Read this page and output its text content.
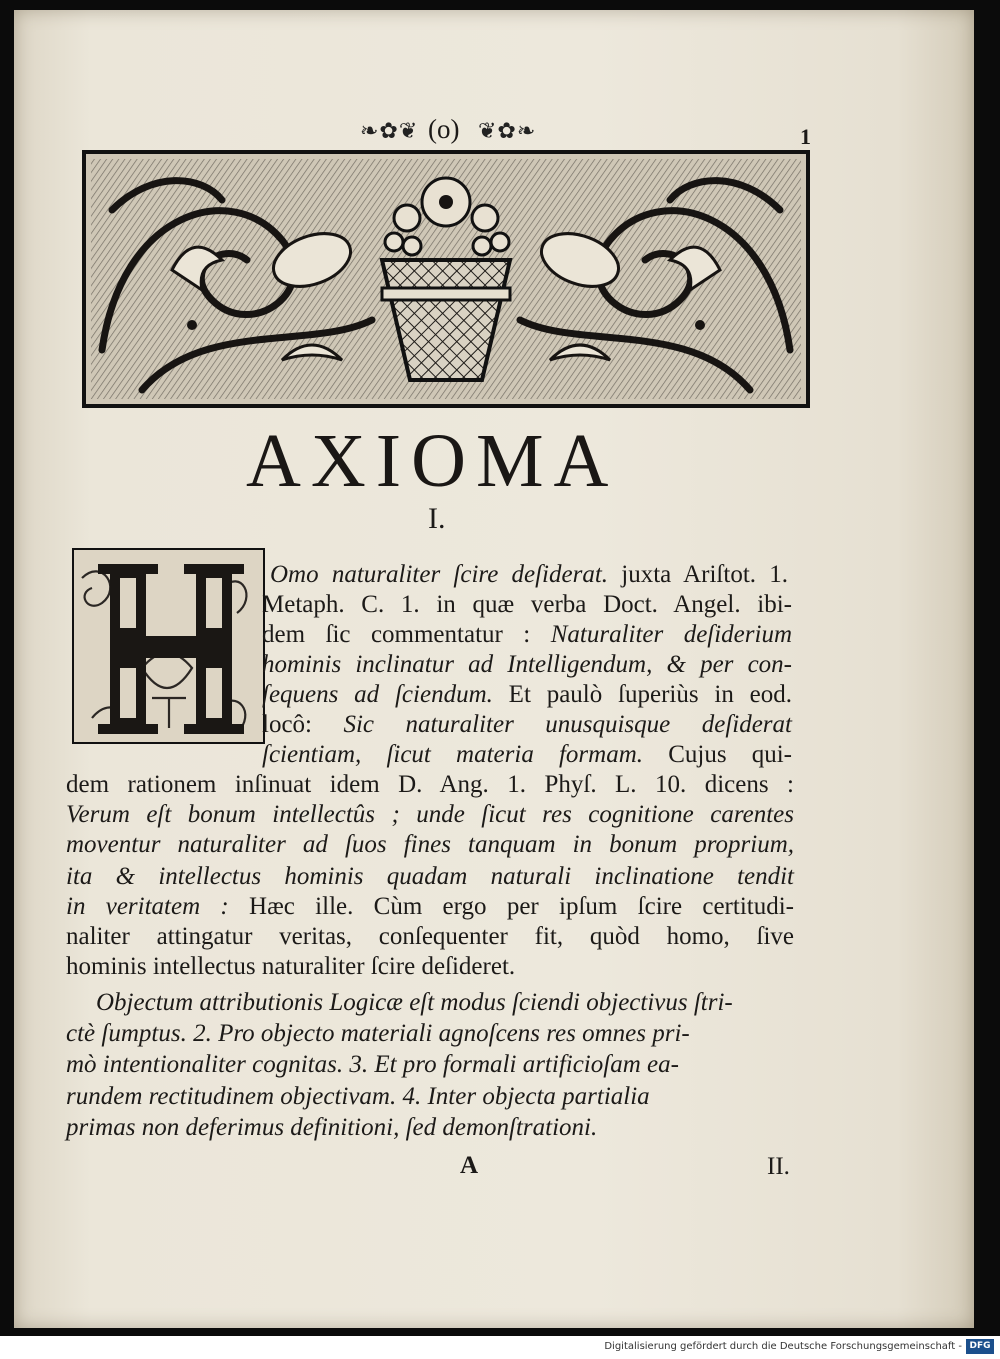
❧✿❦ (o) ❦✿❧	1
AXIOMA
I.
Omo naturaliter ſcire deſiderat. juxta Ariſtot. 1.
Metaph. C. 1. in quæ verba Doct. Angel. ibi-
dem ſic commentatur : Naturaliter deſiderium
hominis inclinatur ad Intelligendum, & per con-
ſequens ad ſciendum. Et paulò ſuperiùs in eod.
locô: Sic naturaliter unusquisque deſiderat
ſcientiam, ſicut materia formam. Cujus qui-
dem rationem inſinuat idem D. Ang. 1. Phyſ. L. 10. dicens :
Verum eſt bonum intellectûs ; unde ſicut res cognitione carentes
moventur naturaliter ad ſuos fines tanquam in bonum proprium,
ita & intellectus hominis quadam naturali inclinatione tendit
in veritatem : Hæc ille. Cùm ergo per ipſum ſcire certitudi-
naliter attingatur veritas, conſequenter fit, quòd homo, ſive
hominis intellectus naturaliter ſcire deſideret.
Objectum attributionis Logicæ eſt modus ſciendi objectivus ſtri-
ctè ſumptus. 2. Pro objecto materiali agnoſcens res omnes pri-
mò intentionaliter cognitas. 3. Et pro formali artificioſam ea-
rundem rectitudinem objectivam. 4. Inter objecta partialia
primas non deferimus definitioni, ſed demonſtrationi.
A	II.
Digitalisierung gefördert durch die Deutsche Forschungsgemeinschaft - DFG
